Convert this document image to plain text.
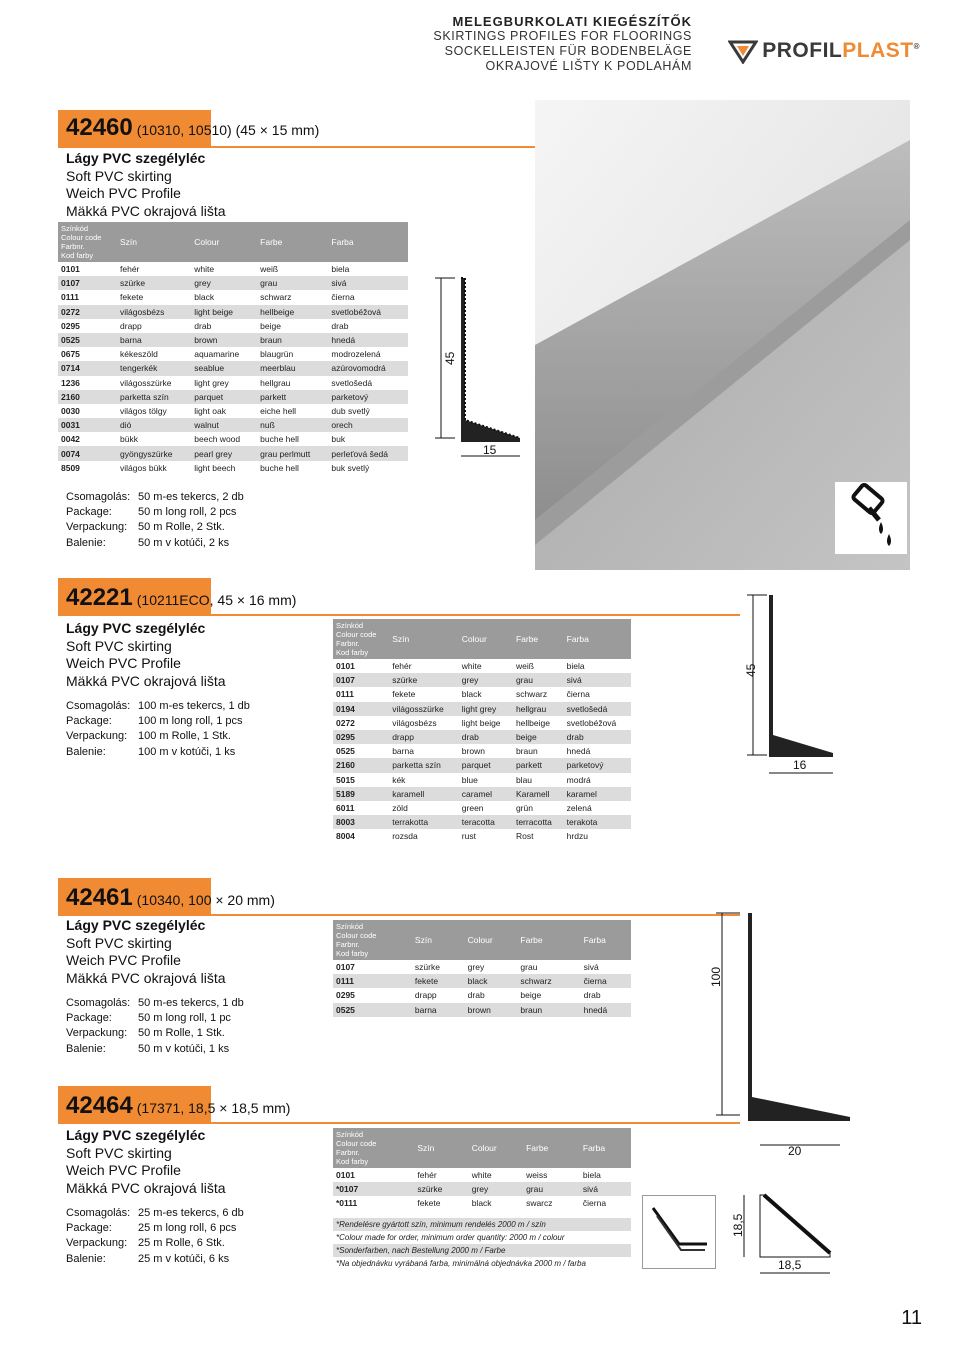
MELEGBURKOLATI KIEGÉSZÍTŐK
SKIRTINGS PROFILES FOR FLOORINGS
SOCKELLEISTEN FÜR BODENBELÄGE
OKRAJOVÉ LIŠTY K PODLAHÁM
PROFILPLAST®
42460 (10310, 10510) (45 × 15 mm)
Lágy PVC szegélyléc
Soft PVC skirting
Weich PVC Profile
Mäkká PVC okrajová lišta
Színkód
Colour code
Farbnr.
Kod farby	Szín	Colour	Farbe	Farba
0101	fehér	white	weiß	biela
0107	szürke	grey	grau	sivá
0111	fekete	black	schwarz	čierna
0272	világosbézs	light beige	hellbeige	svetlobéžová
0295	drapp	drab	beige	drab
0525	barna	brown	braun	hnedá
0675	kékeszöld	aquamarine	blaugrün	modrozelená
0714	tengerkék	seablue	meerblau	azúrovomodrá
1236	világosszürke	light grey	hellgrau	svetlošedá
2160	parketta szín	parquet	parkett	parketový
0030	világos tölgy	light oak	eiche hell	dub svetlý
0031	dió	walnut	nuß	orech
0042	bükk	beech wood	buche hell	buk
0074	gyöngyszürke	pearl grey	grau perlmutt	perleťová šedá
8509	világos bükk	light beech	buche hell	buk svetlý
Csomagolás: 50 m-es tekercs, 2 db
Package:	50 m long roll, 2 pcs
Verpackung: 50 m Rolle, 2 Stk.
Balenie:	50 m v kotúči, 2 ks
45
15
42221 (10211ECO, 45 × 16 mm)
Lágy PVC szegélyléc
Soft PVC skirting
Weich PVC Profile
Mäkká PVC okrajová lišta
Csomagolás: 100 m-es tekercs, 1 db
Package:	100 m long roll, 1 pcs
Verpackung: 100 m Rolle, 1 Stk.
Balenie:	100 m v kotúči, 1 ks
Színkód
Colour code
Farbnr.
Kod farby	Szín	Colour	Farbe	Farba
0101	fehér	white	weiß	biela
0107	szürke	grey	grau	sivá
0111	fekete	black	schwarz	čierna
0194	világosszürke	light grey	hellgrau	svetlošedá
0272	világosbézs	light beige	hellbeige	svetlobéžová
0295	drapp	drab	beige	drab
0525	barna	brown	braun	hnedá
2160	parketta szín	parquet	parkett	parketový
5015	kék	blue	blau	modrá
5189	karamell	caramel	Karamell	karamel
6011	zöld	green	grün	zelená
8003	terrakotta	teracotta	terracotta	terakota
8004	rozsda	rust	Rost	hrdzu
45
16
42461 (10340, 100 × 20 mm)
Lágy PVC szegélyléc
Soft PVC skirting
Weich PVC Profile
Mäkká PVC okrajová lišta
Csomagolás: 50 m-es tekercs, 1 db
Package:	50 m long roll, 1 pc
Verpackung: 50 m Rolle, 1 Stk.
Balenie:	50 m v kotúči, 1 ks
Színkód
Colour code
Farbnr.
Kod farby	Szín	Colour	Farbe	Farba
0107	szürke	grey	grau	sivá
0111	fekete	black	schwarz	čierna
0295	drapp	drab	beige	drab
0525	barna	brown	braun	hnedá
100
42464 (17371, 18,5 × 18,5 mm)
Lágy PVC szegélyléc
Soft PVC skirting
Weich PVC Profile
Mäkká PVC okrajová lišta
Csomagolás: 25 m-es tekercs, 6 db
Package:	25 m long roll, 6 pcs
Verpackung: 25 m Rolle, 6 Stk.
Balenie:	25 m v kotúči, 6 ks
Színkód
Colour code
Farbnr.
Kod farby	Szín	Colour	Farbe	Farba
0101	fehér	white	weiss	biela
*0107	szürke	grey	grau	sivá
*0111	fekete	black	swarcz	čierna
*Rendelésre gyártott szín, minimum rendelés 2000 m / szín
*Colour made for order, minimum order quantity: 2000 m / colour
*Sonderfarben, nach Bestellung 2000 m / Farbe
*Na objednávku vyrábaná farba, minimálná objednávka 2000 m / farba
20
18,5
18,5
11
